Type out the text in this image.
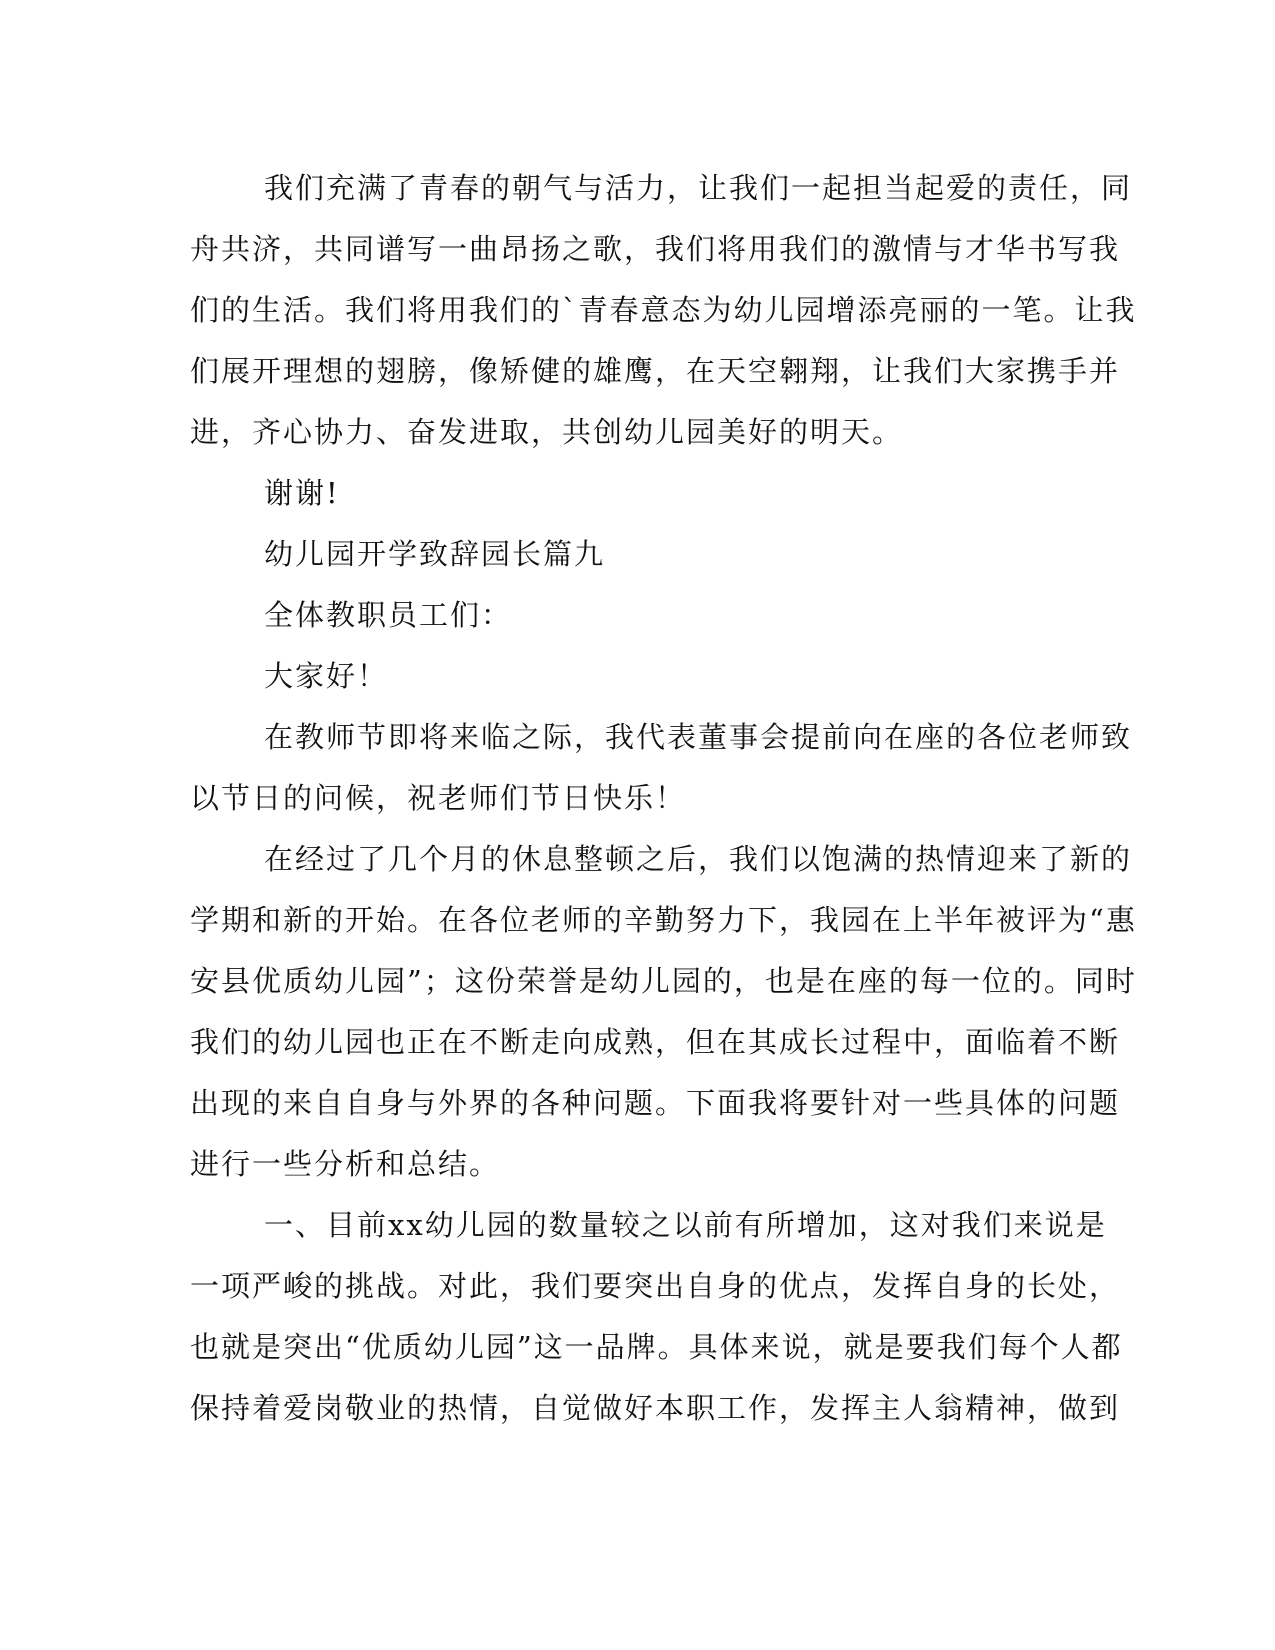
我们充满了青春的朝气与活力，让我们一起担当起爱的责任，同
舟共济，共同谱写一曲昂扬之歌，我们将用我们的激情与才华书写我
们的生活。我们将用我们的`青春意态为幼儿园增添亮丽的一笔。让我
们展开理想的翅膀，像矫健的雄鹰，在天空翱翔，让我们大家携手并
进，齐心协力、奋发进取，共创幼儿园美好的明天。
谢谢!
幼儿园开学致辞园长篇九
全体教职员工们：
大家好！
在教师节即将来临之际，我代表董事会提前向在座的各位老师致
以节日的问候，祝老师们节日快乐！
在经过了几个月的休息整顿之后，我们以饱满的热情迎来了新的
学期和新的开始。在各位老师的辛勤努力下，我园在上半年被评为“惠
安县优质幼儿园”；这份荣誉是幼儿园的，也是在座的每一位的。同时
我们的幼儿园也正在不断走向成熟，但在其成长过程中，面临着不断
出现的来自自身与外界的各种问题。下面我将要针对一些具体的问题
进行一些分析和总结。
一、目前xx幼儿园的数量较之以前有所增加，这对我们来说是
一项严峻的挑战。对此，我们要突出自身的优点，发挥自身的长处，
也就是突出“优质幼儿园”这一品牌。具体来说，就是要我们每个人都
保持着爱岗敬业的热情，自觉做好本职工作，发挥主人翁精神，做到
